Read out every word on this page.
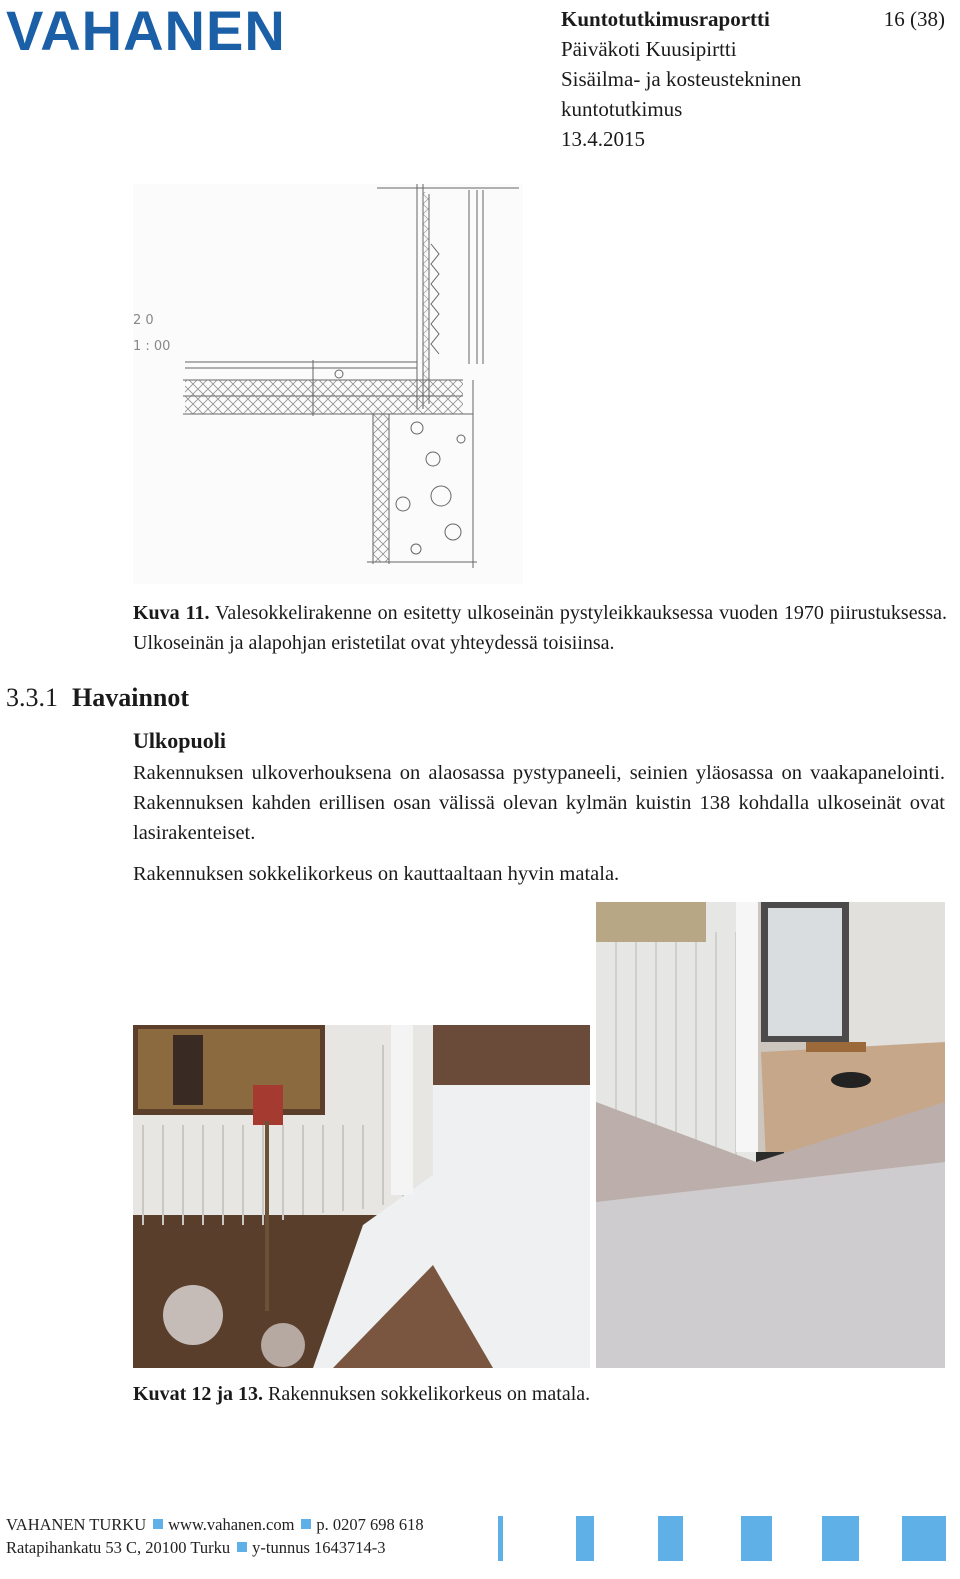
VAHANEN	Kuntotutkimusraportti
Päiväkoti Kuusipirtti
Sisäilma- ja kosteustekninen
kuntotutkimus
13.4.2015
16 (38)
2 0
1 : 00
Kuva 11. Valesokkelirakenne on esitetty ulkoseinän pystyleikkauksessa vuoden 1970 piirustuksessa. Ulkoseinän ja alapohjan eristetilat ovat yhteydessä toisiinsa.
3.3.1 Havainnot
Ulkopuoli
Rakennuksen ulkoverhouksena on alaosassa pystypaneeli, seinien yläosassa on vaakapanelointi. Rakennuksen kahden erillisen osan välissä olevan kylmän kuistin 138 kohdalla ulkoseinät ovat lasirakenteiset.
Rakennuksen sokkelikorkeus on kauttaaltaan hyvin matala.
Kuvat 12 ja 13. Rakennuksen sokkelikorkeus on matala.
VAHANEN TURKU www.vahanen.com p. 0207 698 618
Ratapihankatu 53 C, 20100 Turku y-tunnus 1643714-3
